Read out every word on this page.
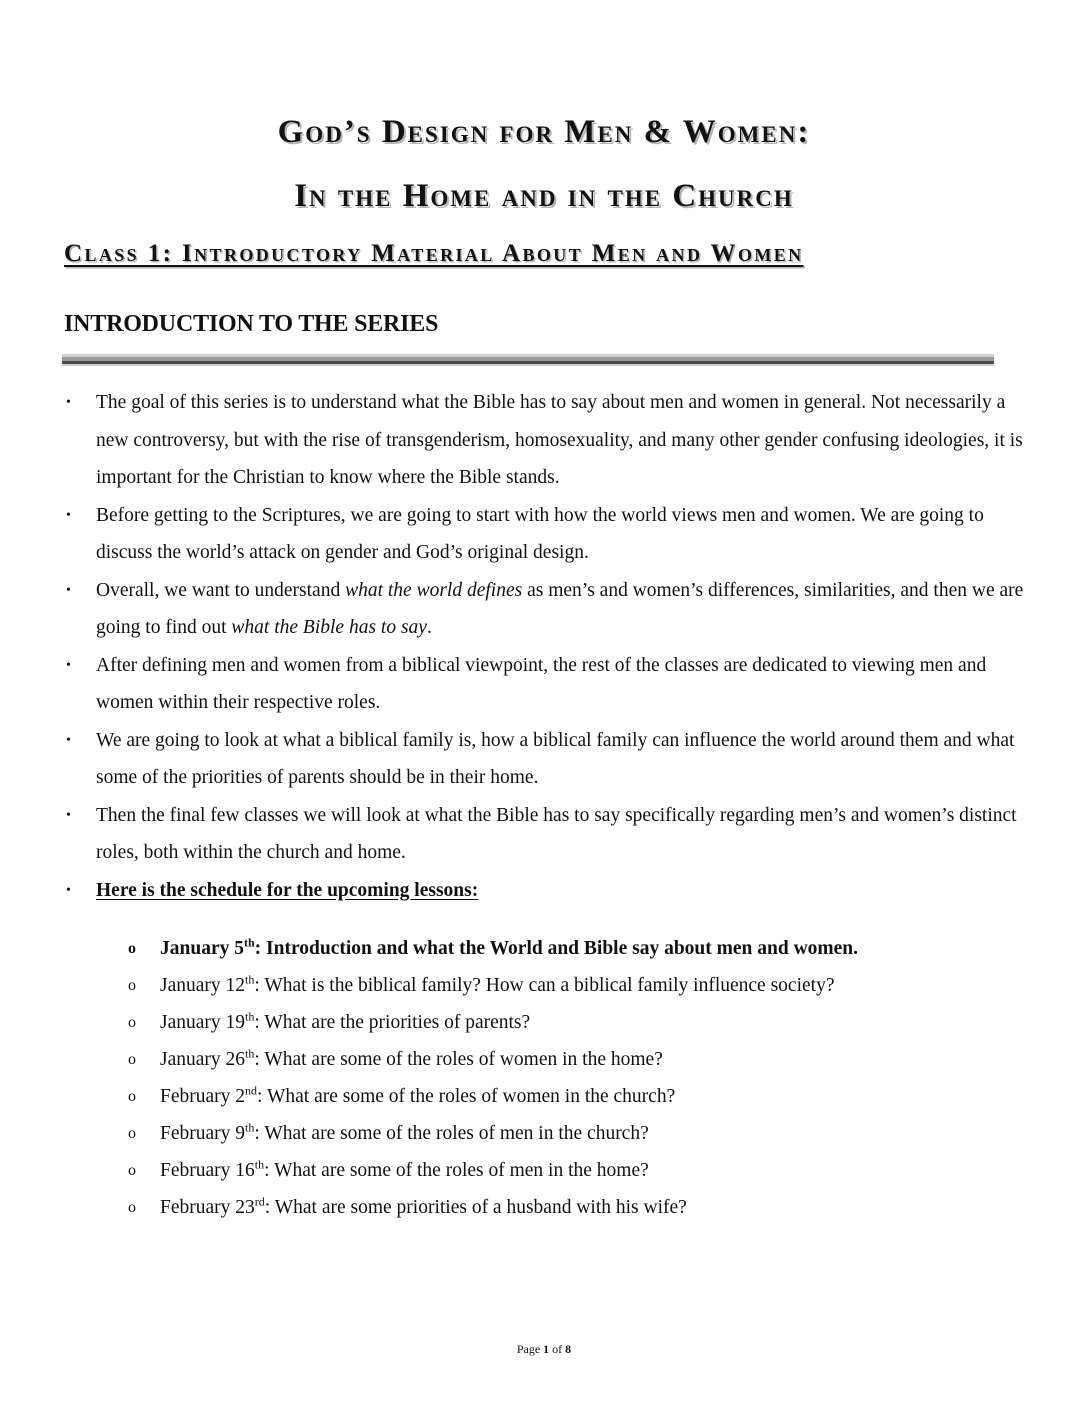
God’s Design for Men & Women:
In the Home and in the Church
Class 1: Introductory Material About Men and Women
INTRODUCTION TO THE SERIES
• The goal of this series is to understand what the Bible has to say about men and women in general. Not necessarily a new controversy, but with the rise of transgenderism, homosexuality, and many other gender confusing ideologies, it is important for the Christian to know where the Bible stands.
• Before getting to the Scriptures, we are going to start with how the world views men and women. We are going to discuss the world’s attack on gender and God’s original design.
• Overall, we want to understand what the world defines as men’s and women’s differences, similarities, and then we are going to find out what the Bible has to say.
• After defining men and women from a biblical viewpoint, the rest of the classes are dedicated to viewing men and women within their respective roles.
• We are going to look at what a biblical family is, how a biblical family can influence the world around them and what some of the priorities of parents should be in their home.
• Then the final few classes we will look at what the Bible has to say specifically regarding men’s and women’s distinct roles, both within the church and home.
• Here is the schedule for the upcoming lessons:
o January 5th: Introduction and what the World and Bible say about men and women.
o January 12th: What is the biblical family? How can a biblical family influence society?
o January 19th: What are the priorities of parents?
o January 26th: What are some of the roles of women in the home?
o February 2nd: What are some of the roles of women in the church?
o February 9th: What are some of the roles of men in the church?
o February 16th: What are some of the roles of men in the home?
o February 23rd: What are some priorities of a husband with his wife?
Page 1 of 8
